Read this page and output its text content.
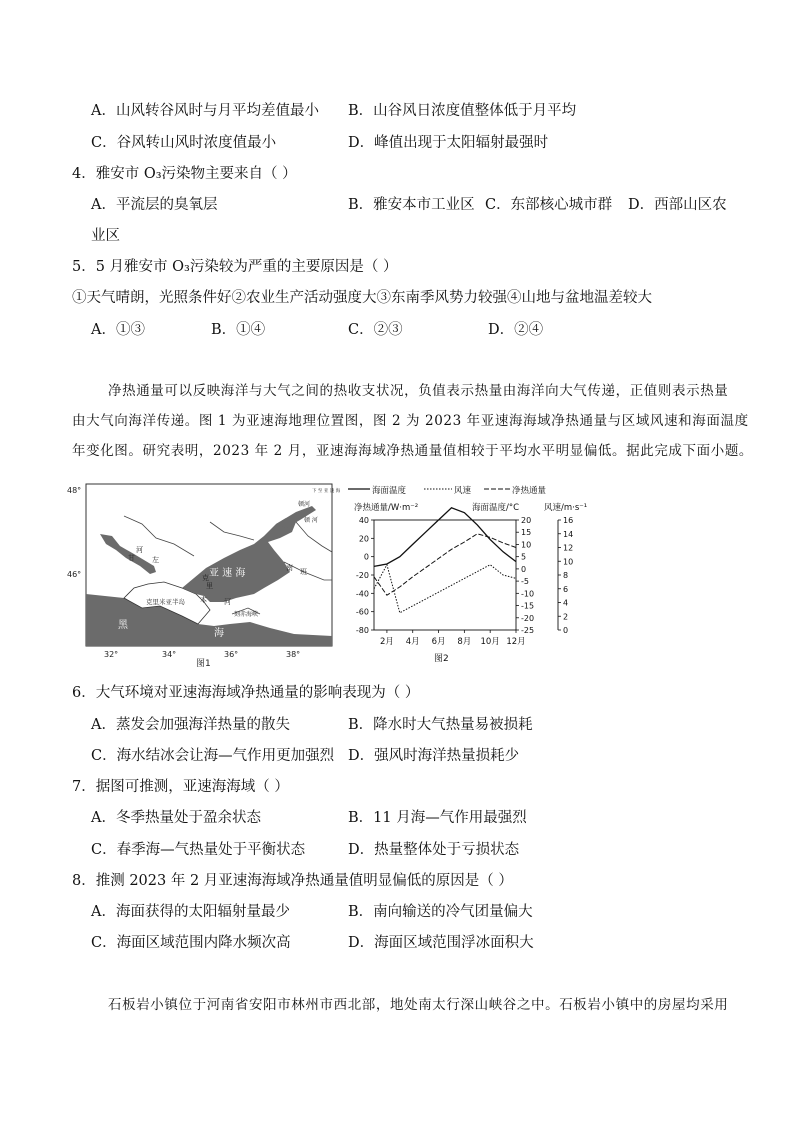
A．山风转谷风时与月平均差值最小 B．山谷风日浓度值整体低于月平均
C．谷风转山风时浓度值最小	D．峰值出现于太阳辐射最强时
4．雅安市 O₃污染物主要来自（ ）
A．平流层的臭氧层	B．雅安本市工业区 C．东部核心城市群 D．西部山区农
业区
5．5 月雅安市 O₃污染较为严重的主要原因是（ ）
①天气晴朗，光照条件好②农业生产活动强度大③东南季风势力较强④山地与盆地温差较大
A．①③	B．①④	C．②③	D．②④
净热通量可以反映海洋与大气之间的热收支状况，负值表示热量由海洋向大气传递，正值则表示热量
由大气向海洋传递。图 1 为亚速海地理位置图，图 2 为 2023 年亚速海海域净热通量与区域风速和海面温度
年变化图。研究表明，2023 年 2 月，亚速海海域净热通量值相较于平均水平明显偏低。据此完成下面小题。
亚 速 海
黑
海
克里米亚半岛
刻赤海峡
河
河
顿河
本
班
南
左
里
克
下 至 亚 速 海
顿 河
甘
48°
46°
32°	34°	36°	38°
图1
海面温度	风速	净热通量
净热通量/W·m⁻²	海面温度/°C	风速/m·s⁻¹
40
20
0
-20
-40
-60
-80
20
15
10
5
0
-5
-10
-15
-20
-25
16
14
12
10
8
6
4
2
0
2月 4月 6月 8月 10月 12月
图2
6．大气环境对亚速海海域净热通量的影响表现为（ ）
A．蒸发会加强海洋热量的散失	B．降水时大气热量易被损耗
C．海水结冰会让海—气作用更加强烈 D．强风时海洋热量损耗少
7．据图可推测，亚速海海域（ ）
A．冬季热量处于盈余状态	B．11 月海—气作用最强烈
C．春季海—气热量处于平衡状态	D．热量整体处于亏损状态
8．推测 2023 年 2 月亚速海海域净热通量值明显偏低的原因是（ ）
A．海面获得的太阳辐射量最少	B．南向输送的冷气团量偏大
C．海面区域范围内降水频次高	D．海面区域范围浮冰面积大
石板岩小镇位于河南省安阳市林州市西北部，地处南太行深山峡谷之中。石板岩小镇中的房屋均采用
